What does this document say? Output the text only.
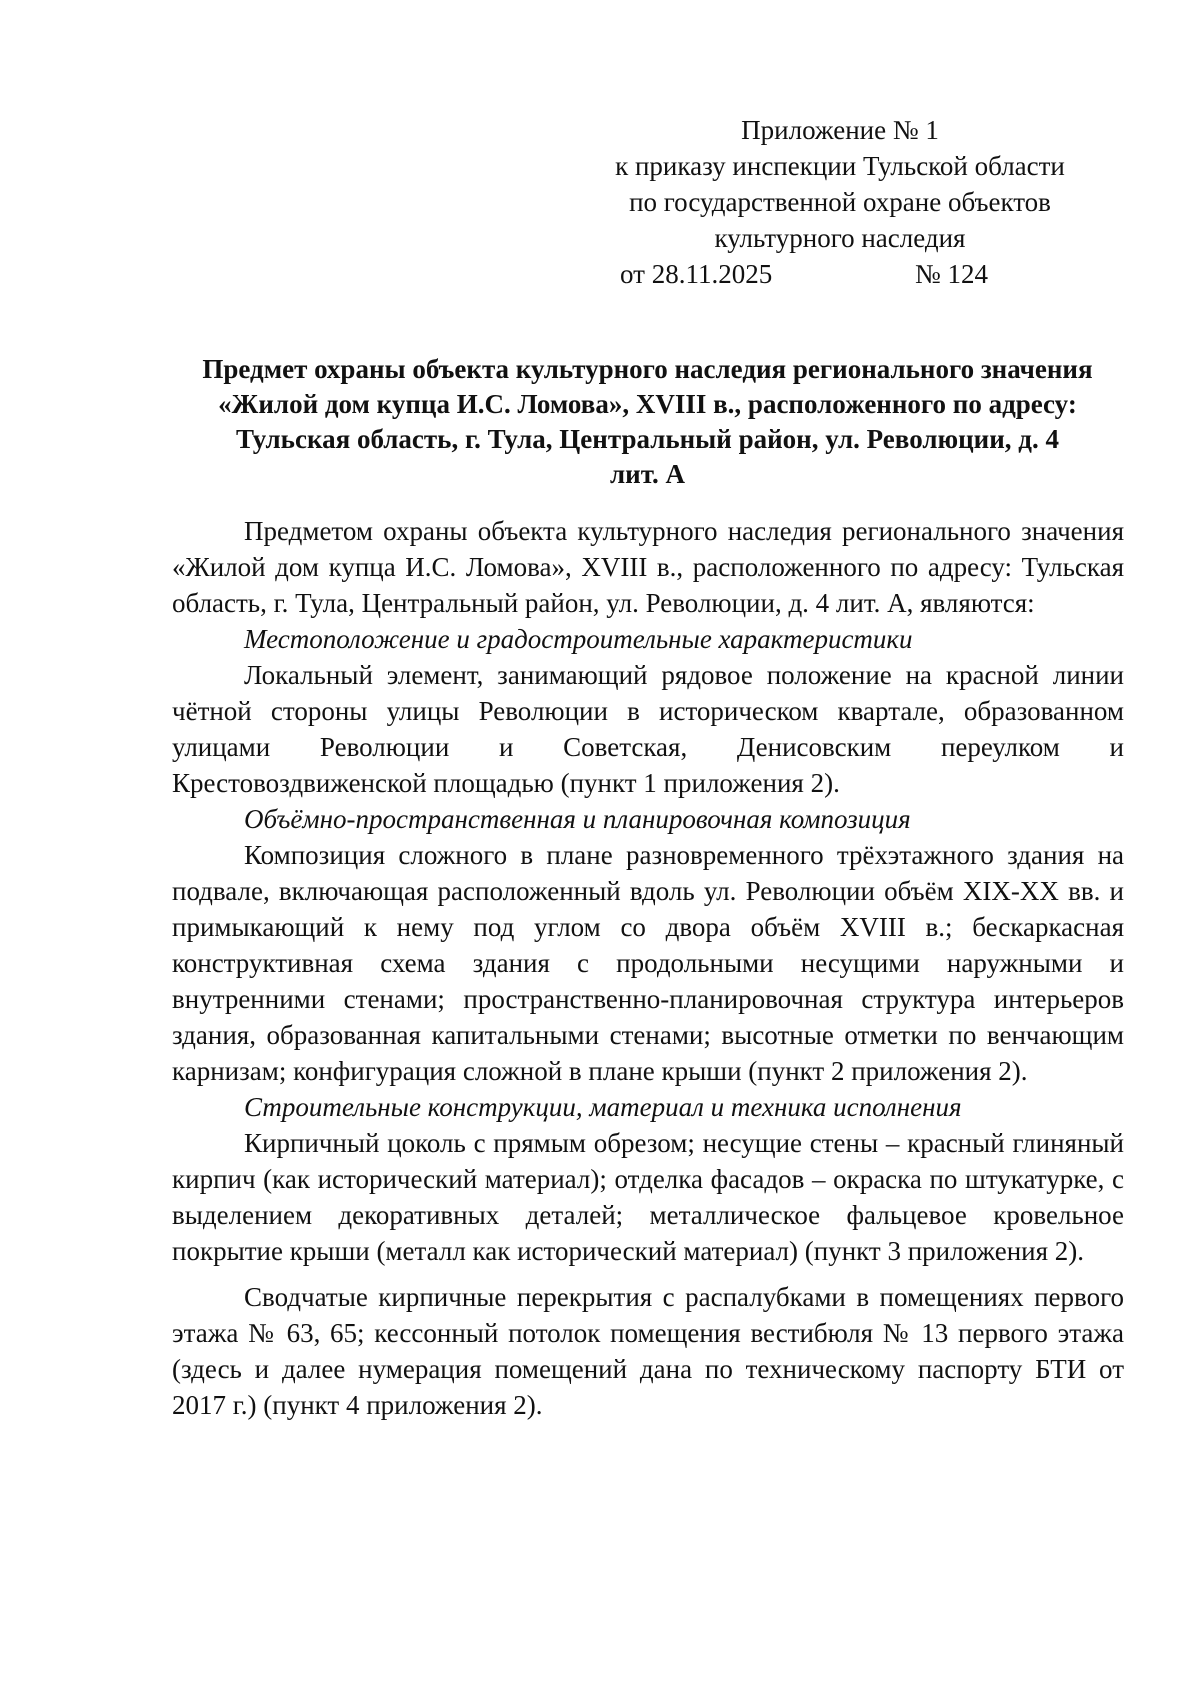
Приложение № 1
к приказу инспекции Тульской области
по государственной охране объектов
культурного наследия
от 28.11.2025	№ 124
Предмет охраны объекта культурного наследия регионального значения
«Жилой дом купца И.С. Ломова», XVIII в., расположенного по адресу:
Тульская область, г. Тула, Центральный район, ул. Революции, д. 4
лит. А

Предметом охраны объекта культурного наследия регионального значения «Жилой дом купца И.С. Ломова», XVIII в., расположенного по адресу: Тульская область, г. Тула, Центральный район, ул. Революции, д. 4 лит. А, являются:

Местоположение и градостроительные характеристики

Локальный элемент, занимающий рядовое положение на красной линии чётной стороны улицы Революции в историческом квартале, образованном улицами Революции и Советская, Денисовским переулком и Крестовоздвиженской площадью (пункт 1 приложения 2).

Объёмно-пространственная и планировочная композиция

Композиция сложного в плане разновременного трёхэтажного здания на подвале, включающая расположенный вдоль ул. Революции объём XIX-XX вв. и примыкающий к нему под углом со двора объём XVIII в.; бескаркасная конструктивная схема здания с продольными несущими наружными и внутренними стенами; пространственно-планировочная структура интерьеров здания, образованная капитальными стенами; высотные отметки по венчающим карнизам; конфигурация сложной в плане крыши (пункт 2 приложения 2).

Строительные конструкции, материал и техника исполнения

Кирпичный цоколь с прямым обрезом; несущие стены – красный глиняный кирпич (как исторический материал); отделка фасадов – окраска по штукатурке, с выделением декоративных деталей; металлическое фальцевое кровельное покрытие крыши (металл как исторический материал) (пункт 3 приложения 2).

Сводчатые кирпичные перекрытия с распалубками в помещениях первого этажа № 63, 65; кессонный потолок помещения вестибюля № 13 первого этажа (здесь и далее нумерация помещений дана по техническому паспорту БТИ от 2017 г.) (пункт 4 приложения 2).
